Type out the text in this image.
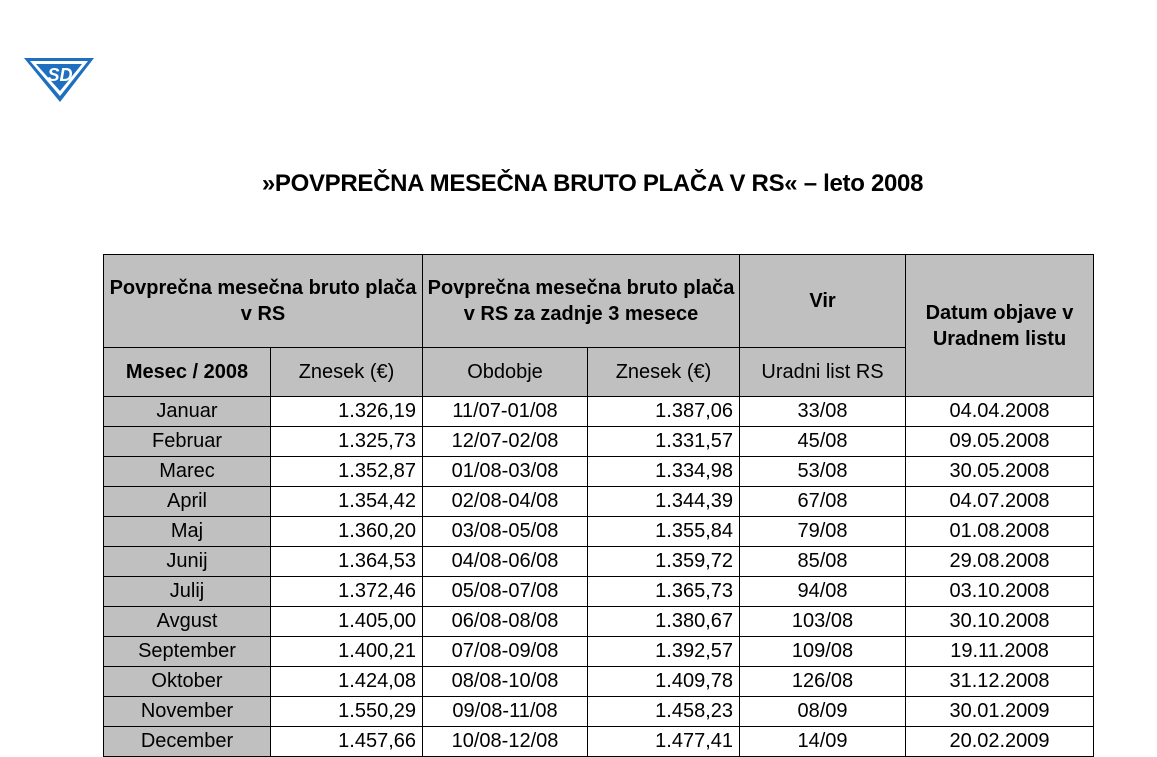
SD
»POVPREČNA MESEČNA BRUTO PLAČA V RS« – leto 2008
Povprečna mesečna bruto plača v RS		Povprečna mesečna bruto plača v RS za zadnje 3 mesece		Vir	Datum objave v Uradnem listu
Mesec / 2008	Znesek (€)	Obdobje	Znesek (€)	Uradni list RS	
Januar	1.326,19	11/07-01/08	1.387,06	33/08	04.04.2008
Februar	1.325,73	12/07-02/08	1.331,57	45/08	09.05.2008
Marec	1.352,87	01/08-03/08	1.334,98	53/08	30.05.2008
April	1.354,42	02/08-04/08	1.344,39	67/08	04.07.2008
Maj	1.360,20	03/08-05/08	1.355,84	79/08	01.08.2008
Junij	1.364,53	04/08-06/08	1.359,72	85/08	29.08.2008
Julij	1.372,46	05/08-07/08	1.365,73	94/08	03.10.2008
Avgust	1.405,00	06/08-08/08	1.380,67	103/08	30.10.2008
September	1.400,21	07/08-09/08	1.392,57	109/08	19.11.2008
Oktober	1.424,08	08/08-10/08	1.409,78	126/08	31.12.2008
November	1.550,29	09/08-11/08	1.458,23	08/09	30.01.2009
December	1.457,66	10/08-12/08	1.477,41	14/09	20.02.2009
